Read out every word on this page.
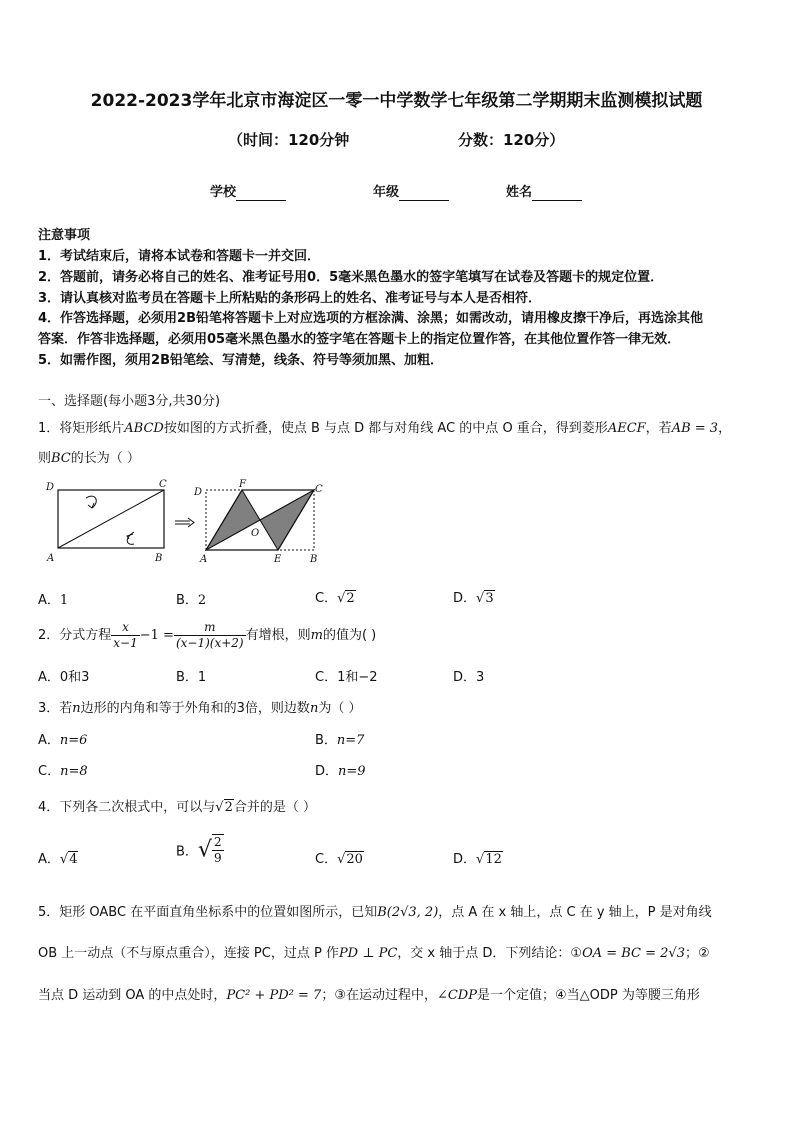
2022-2023学年北京市海淀区一零一中学数学七年级第二学期期末监测模拟试题
（时间：120分钟	分数：120分）
学校	年级	姓名
注意事项
1．考试结束后，请将本试卷和答题卡一并交回．
2．答题前，请务必将自己的姓名、准考证号用0．5毫米黑色墨水的签字笔填写在试卷及答题卡的规定位置．
3．请认真核对监考员在答题卡上所粘贴的条形码上的姓名、准考证号与本人是否相符．
4．作答选择题，必须用2B铅笔将答题卡上对应选项的方框涂满、涂黑；如需改动，请用橡皮擦干净后，再选涂其他
答案．作答非选择题，必须用05毫米黑色墨水的签字笔在答题卡上的指定位置作答，在其他位置作答一律无效．
5．如需作图，须用2B铅笔绘、写清楚，线条、符号等须加黑、加粗．
一、选择题(每小题3分,共30分)
1．将矩形纸片ABCD按如图的方式折叠，使点 B 与点 D 都与对角线 AC 的中点 O 重合，得到菱形AECF，若AB = 3，
则BC的长为（ ）
D	C
A	B
D
F	C
O
A	E	B
A．1	B．2	C．√2	D．√3
2．分式方程 $\frac{x}{x-1} -1 = \frac{m}{(x-1)(x+2)}$ 有增根，则m的值为( )
A．0和3	B．1	C．1和−2	D．3
3．若n边形的内角和等于外角和的3倍，则边数n为（ ）
A．n=6	B．n=7
C．n=8	D．n=9
4．下列各二次根式中，可以与√2合并的是（ ）
A．√4	B．√ $\frac{2}{9}$	C．√20	D．√12
5．矩形 OABC 在平面直角坐标系中的位置如图所示，已知B(2√3, 2)，点 A 在 x 轴上，点 C 在 y 轴上，P 是对角线
OB 上一动点（不与原点重合），连接 PC，过点 P 作PD ⊥ PC，交 x 轴于点 D．下列结论：①OA = BC = 2√3；②
当点 D 运动到 OA 的中点处时，PC² + PD² = 7；③在运动过程中，∠CDP是一个定值；④当△ODP 为等腰三角形
